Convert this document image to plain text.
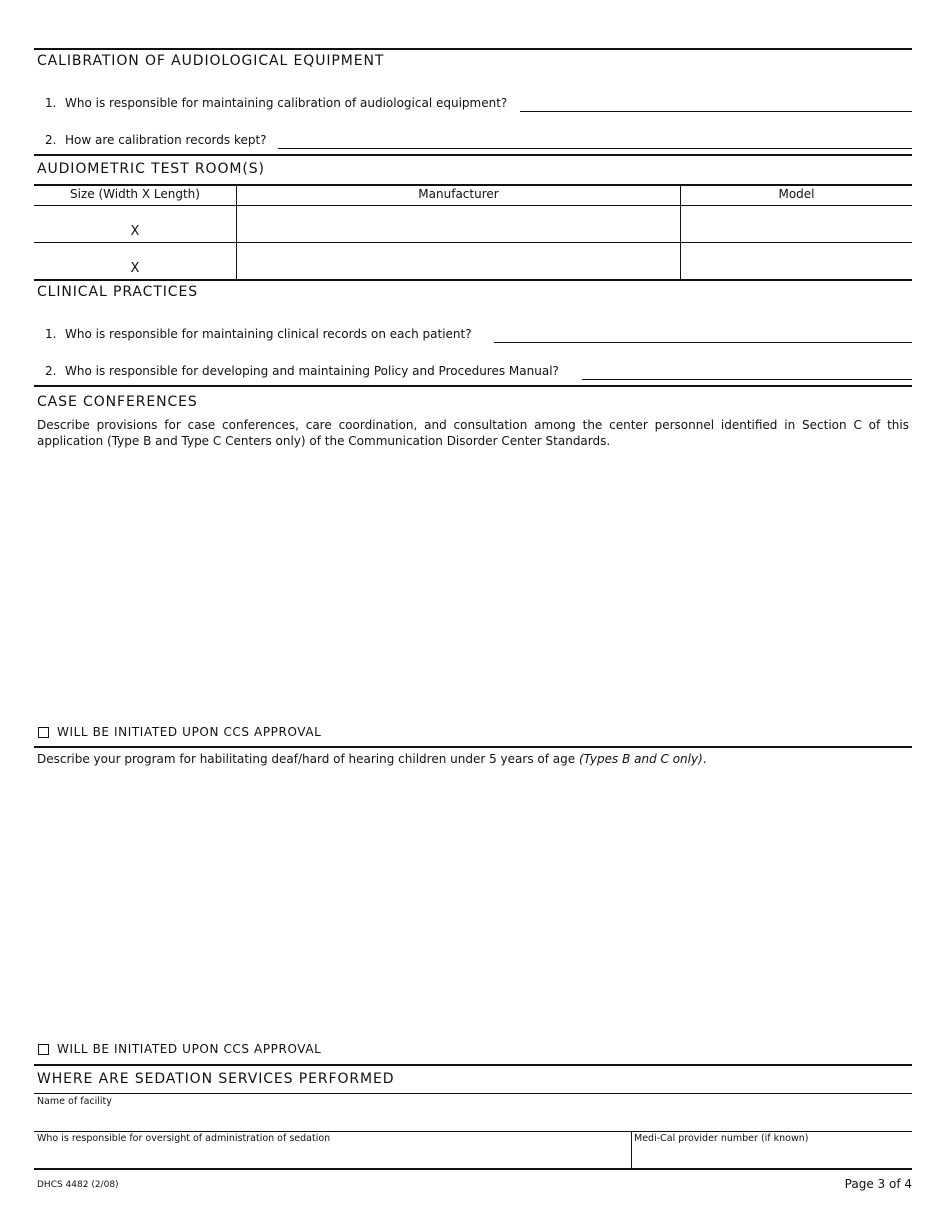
CALIBRATION OF AUDIOLOGICAL EQUIPMENT
1. Who is responsible for maintaining calibration of audiological equipment?
2. How are calibration records kept?
AUDIOMETRIC TEST ROOM(S)
Size (Width X Length)	Manufacturer	Model
X
X
CLINICAL PRACTICES
1. Who is responsible for maintaining clinical records on each patient?
2. Who is responsible for developing and maintaining Policy and Procedures Manual?
CASE CONFERENCES
Describe provisions for case conferences, care coordination, and consultation among the center personnel identified in Section C of this application (Type B and Type C Centers only) of the Communication Disorder Center Standards.
WILL BE INITIATED UPON CCS APPROVAL
Describe your program for habilitating deaf/hard of hearing children under 5 years of age (Types B and C only).
WILL BE INITIATED UPON CCS APPROVAL
WHERE ARE SEDATION SERVICES PERFORMED
Name of facility
Who is responsible for oversight of administration of sedation	Medi-Cal provider number (if known)
DHCS 4482 (2/08)	Page 3 of 4
